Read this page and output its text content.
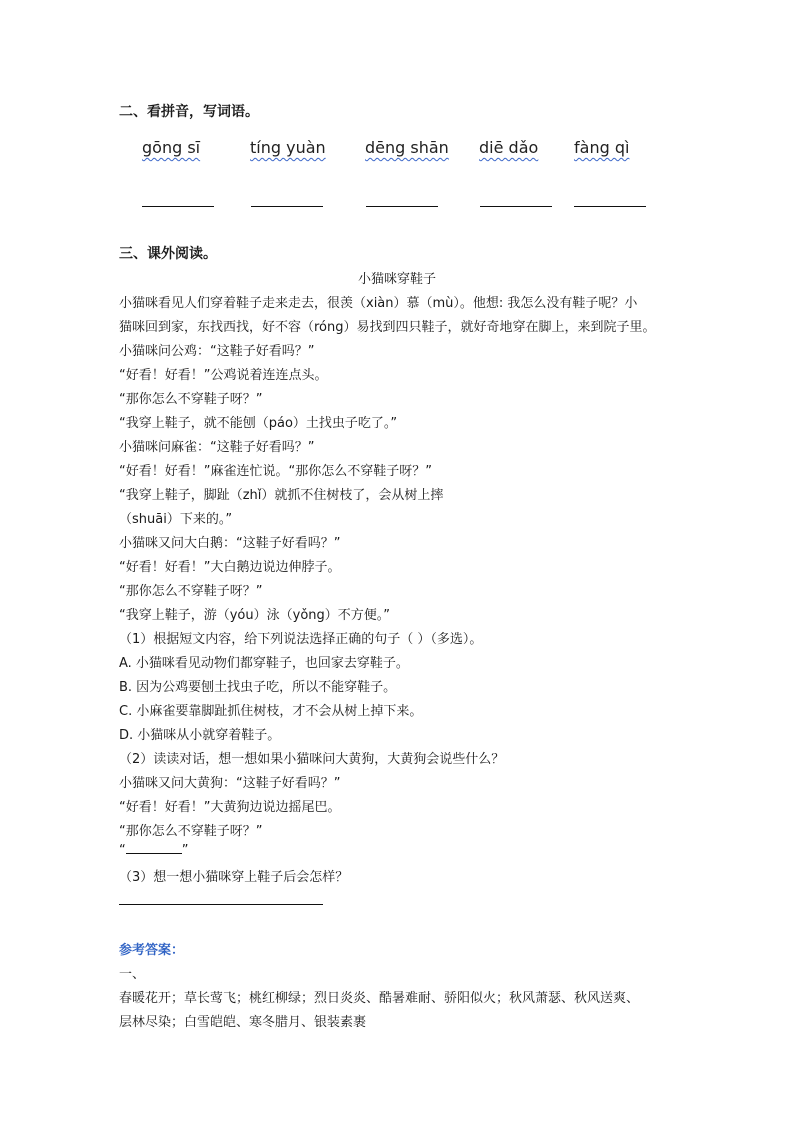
二、看拼音，写词语。
gōng sī	tíng yuàn dēng shān diē dǎo fàng qì
三、课外阅读。
小猫咪穿鞋子
小猫咪看见人们穿着鞋子走来走去，很羡（xiàn）慕（mù）。他想: 我怎么没有鞋子呢？小
猫咪回到家，东找西找，好不容（róng）易找到四只鞋子，就好奇地穿在脚上，来到院子里。
小猫咪问公鸡：“这鞋子好看吗？”
“好看！好看！”公鸡说着连连点头。
“那你怎么不穿鞋子呀？”
“我穿上鞋子，就不能刨（páo）土找虫子吃了。”
小猫咪问麻雀：“这鞋子好看吗？”
“好看！好看！”麻雀连忙说。“那你怎么不穿鞋子呀？”
“我穿上鞋子，脚趾（zhǐ）就抓不住树枝了，会从树上摔
（shuāi）下来的。”
小猫咪又问大白鹅：“这鞋子好看吗？”
“好看！好看！”大白鹅边说边伸脖子。
“那你怎么不穿鞋子呀？”
“我穿上鞋子，游（yóu）泳（yǒng）不方便。”
（1）根据短文内容，给下列说法选择正确的句子（ ）（多选）。
A. 小猫咪看见动物们都穿鞋子，也回家去穿鞋子。
B. 因为公鸡要刨土找虫子吃，所以不能穿鞋子。
C. 小麻雀要靠脚趾抓住树枝，才不会从树上掉下来。
D. 小猫咪从小就穿着鞋子。
（2）读读对话，想一想如果小猫咪问大黄狗，大黄狗会说些什么？
小猫咪又问大黄狗：“这鞋子好看吗？”
“好看！好看！”大黄狗边说边摇尾巴。
“那你怎么不穿鞋子呀？”
“	”
（3）想一想小猫咪穿上鞋子后会怎样？
参考答案：
一、
春暖花开；草长莺飞；桃红柳绿；烈日炎炎、酷暑难耐、骄阳似火；秋风萧瑟、秋风送爽、
层林尽染；白雪皑皑、寒冬腊月、银装素裹
